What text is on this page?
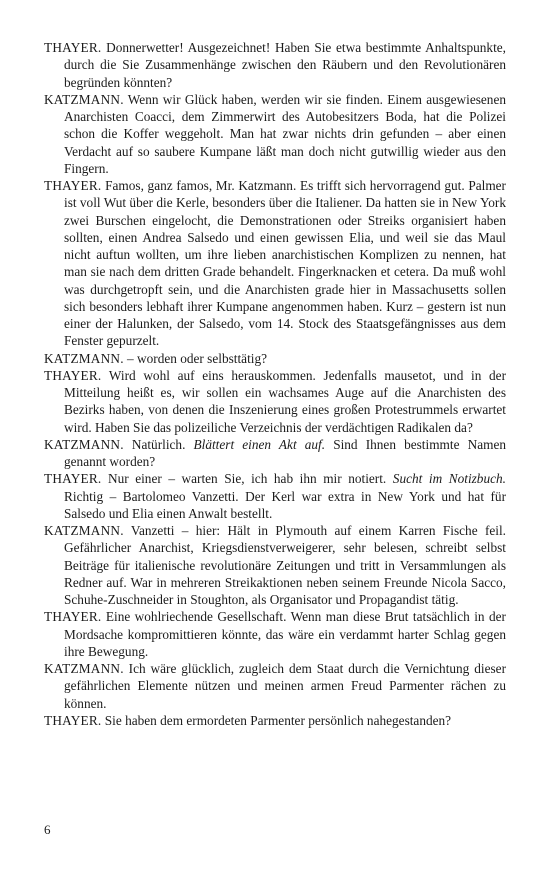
THAYER. Donnerwetter! Ausgezeichnet! Haben Sie etwa bestimmte Anhaltspunkte, durch die Sie Zusammenhänge zwischen den Räubern und den Revolutionären begründen könnten?

KATZMANN. Wenn wir Glück haben, werden wir sie finden. Einem ausgewiesenen Anarchisten Coacci, dem Zimmerwirt des Autobesitzers Boda, hat die Polizei schon die Koffer weggeholt. Man hat zwar nichts drin gefunden – aber einen Verdacht auf so saubere Kumpane läßt man doch nicht gutwillig wieder aus den Fingern.

THAYER. Famos, ganz famos, Mr. Katzmann. Es trifft sich hervorragend gut. Palmer ist voll Wut über die Kerle, besonders über die Italiener. Da hatten sie in New York zwei Burschen eingelocht, die Demonstrationen oder Streiks organisiert haben sollten, einen Andrea Salsedo und einen gewissen Elia, und weil sie das Maul nicht auftun wollten, um ihre lieben anarchistischen Komplizen zu nennen, hat man sie nach dem dritten Grade behandelt. Fingerknacken et cetera. Da muß wohl was durchgetropft sein, und die Anarchisten grade hier in Massachusetts sollen sich besonders lebhaft ihrer Kumpane angenommen haben. Kurz – gestern ist nun einer der Halunken, der Salsedo, vom 14. Stock des Staatsgefängnisses aus dem Fenster gepurzelt.

KATZMANN. – worden oder selbsttätig?

THAYER. Wird wohl auf eins herauskommen. Jedenfalls mausetot, und in der Mitteilung heißt es, wir sollen ein wachsames Auge auf die Anarchisten des Bezirks haben, von denen die Inszenierung eines großen Protestrummels erwartet wird. Haben Sie das polizeiliche Verzeichnis der verdächtigen Radikalen da?

KATZMANN. Natürlich. Blättert einen Akt auf. Sind Ihnen bestimmte Namen genannt worden?

THAYER. Nur einer – warten Sie, ich hab ihn mir notiert. Sucht im Notizbuch. Richtig – Bartolomeo Vanzetti. Der Kerl war extra in New York und hat für Salsedo und Elia einen Anwalt bestellt.

KATZMANN. Vanzetti – hier: Hält in Plymouth auf einem Karren Fische feil. Gefährlicher Anarchist, Kriegsdienstverweigerer, sehr belesen, schreibt selbst Beiträge für italienische revolutionäre Zeitungen und tritt in Versammlungen als Redner auf. War in mehreren Streikaktionen neben seinem Freunde Nicola Sacco, Schuhe-Zuschneider in Stoughton, als Organisator und Propagandist tätig.

THAYER. Eine wohlriechende Gesellschaft. Wenn man diese Brut tatsächlich in der Mordsache kompromittieren könnte, das wäre ein verdammt harter Schlag gegen ihre Bewegung.

KATZMANN. Ich wäre glücklich, zugleich dem Staat durch die Vernichtung dieser gefährlichen Elemente nützen und meinen armen Freud Parmenter rächen zu können.

THAYER. Sie haben dem ermordeten Parmenter persönlich nahegestanden?

6
